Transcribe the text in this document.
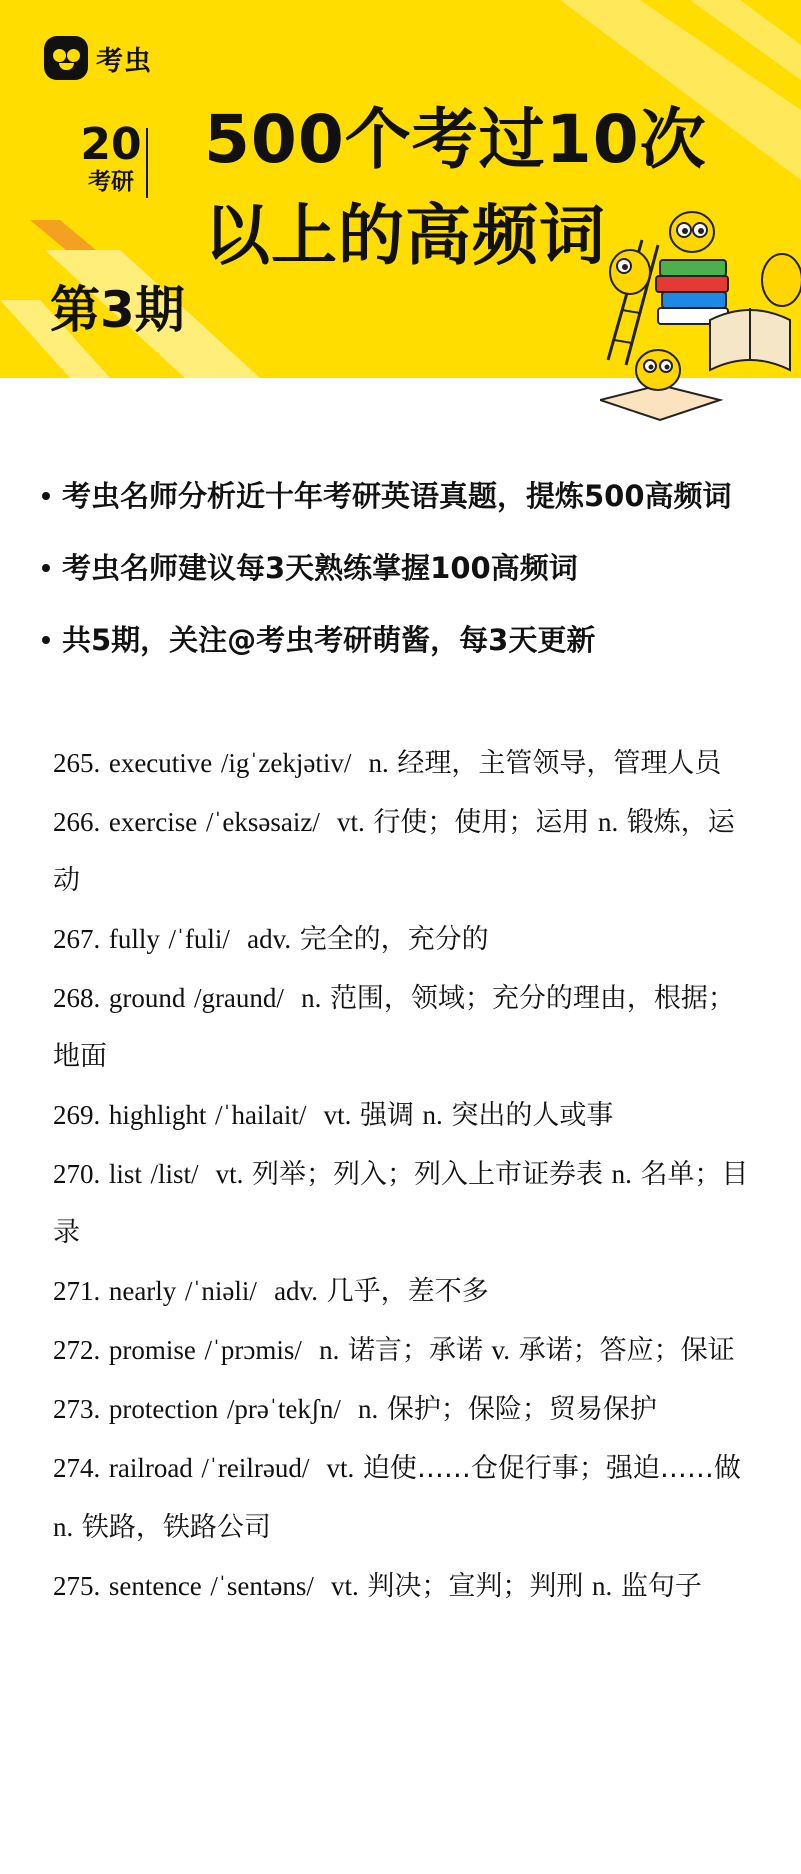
考虫
20
考研
500个考过10次
以上的高频词
第3期
考虫名师分析近十年考研英语真题，提炼500高频词
考虫名师建议每3天熟练掌握100高频词
共5期，关注@考虫考研萌酱，每3天更新
265. executive /igˈzekjətiv/ n. 经理，主管领导，管理人员
266. exercise /ˈeksəsaiz/ vt. 行使；使用；运用 n. 锻炼，运动
267. fully /ˈfuli/ adv. 完全的，充分的
268. ground /graund/ n. 范围，领域；充分的理由，根据；地面
269. highlight /ˈhailait/ vt. 强调 n. 突出的人或事
270. list /list/ vt. 列举；列入；列入上市证券表 n. 名单；目录
271. nearly /ˈniəli/ adv. 几乎，差不多
272. promise /ˈprɔmis/ n. 诺言；承诺 v. 承诺；答应；保证
273. protection /prəˈtekʃn/ n. 保护；保险；贸易保护
274. railroad /ˈreilrəud/ vt. 迫使……仓促行事；强迫……做 n. 铁路，铁路公司
275. sentence /ˈsentəns/ vt. 判决；宣判；判刑 n. 监句子
